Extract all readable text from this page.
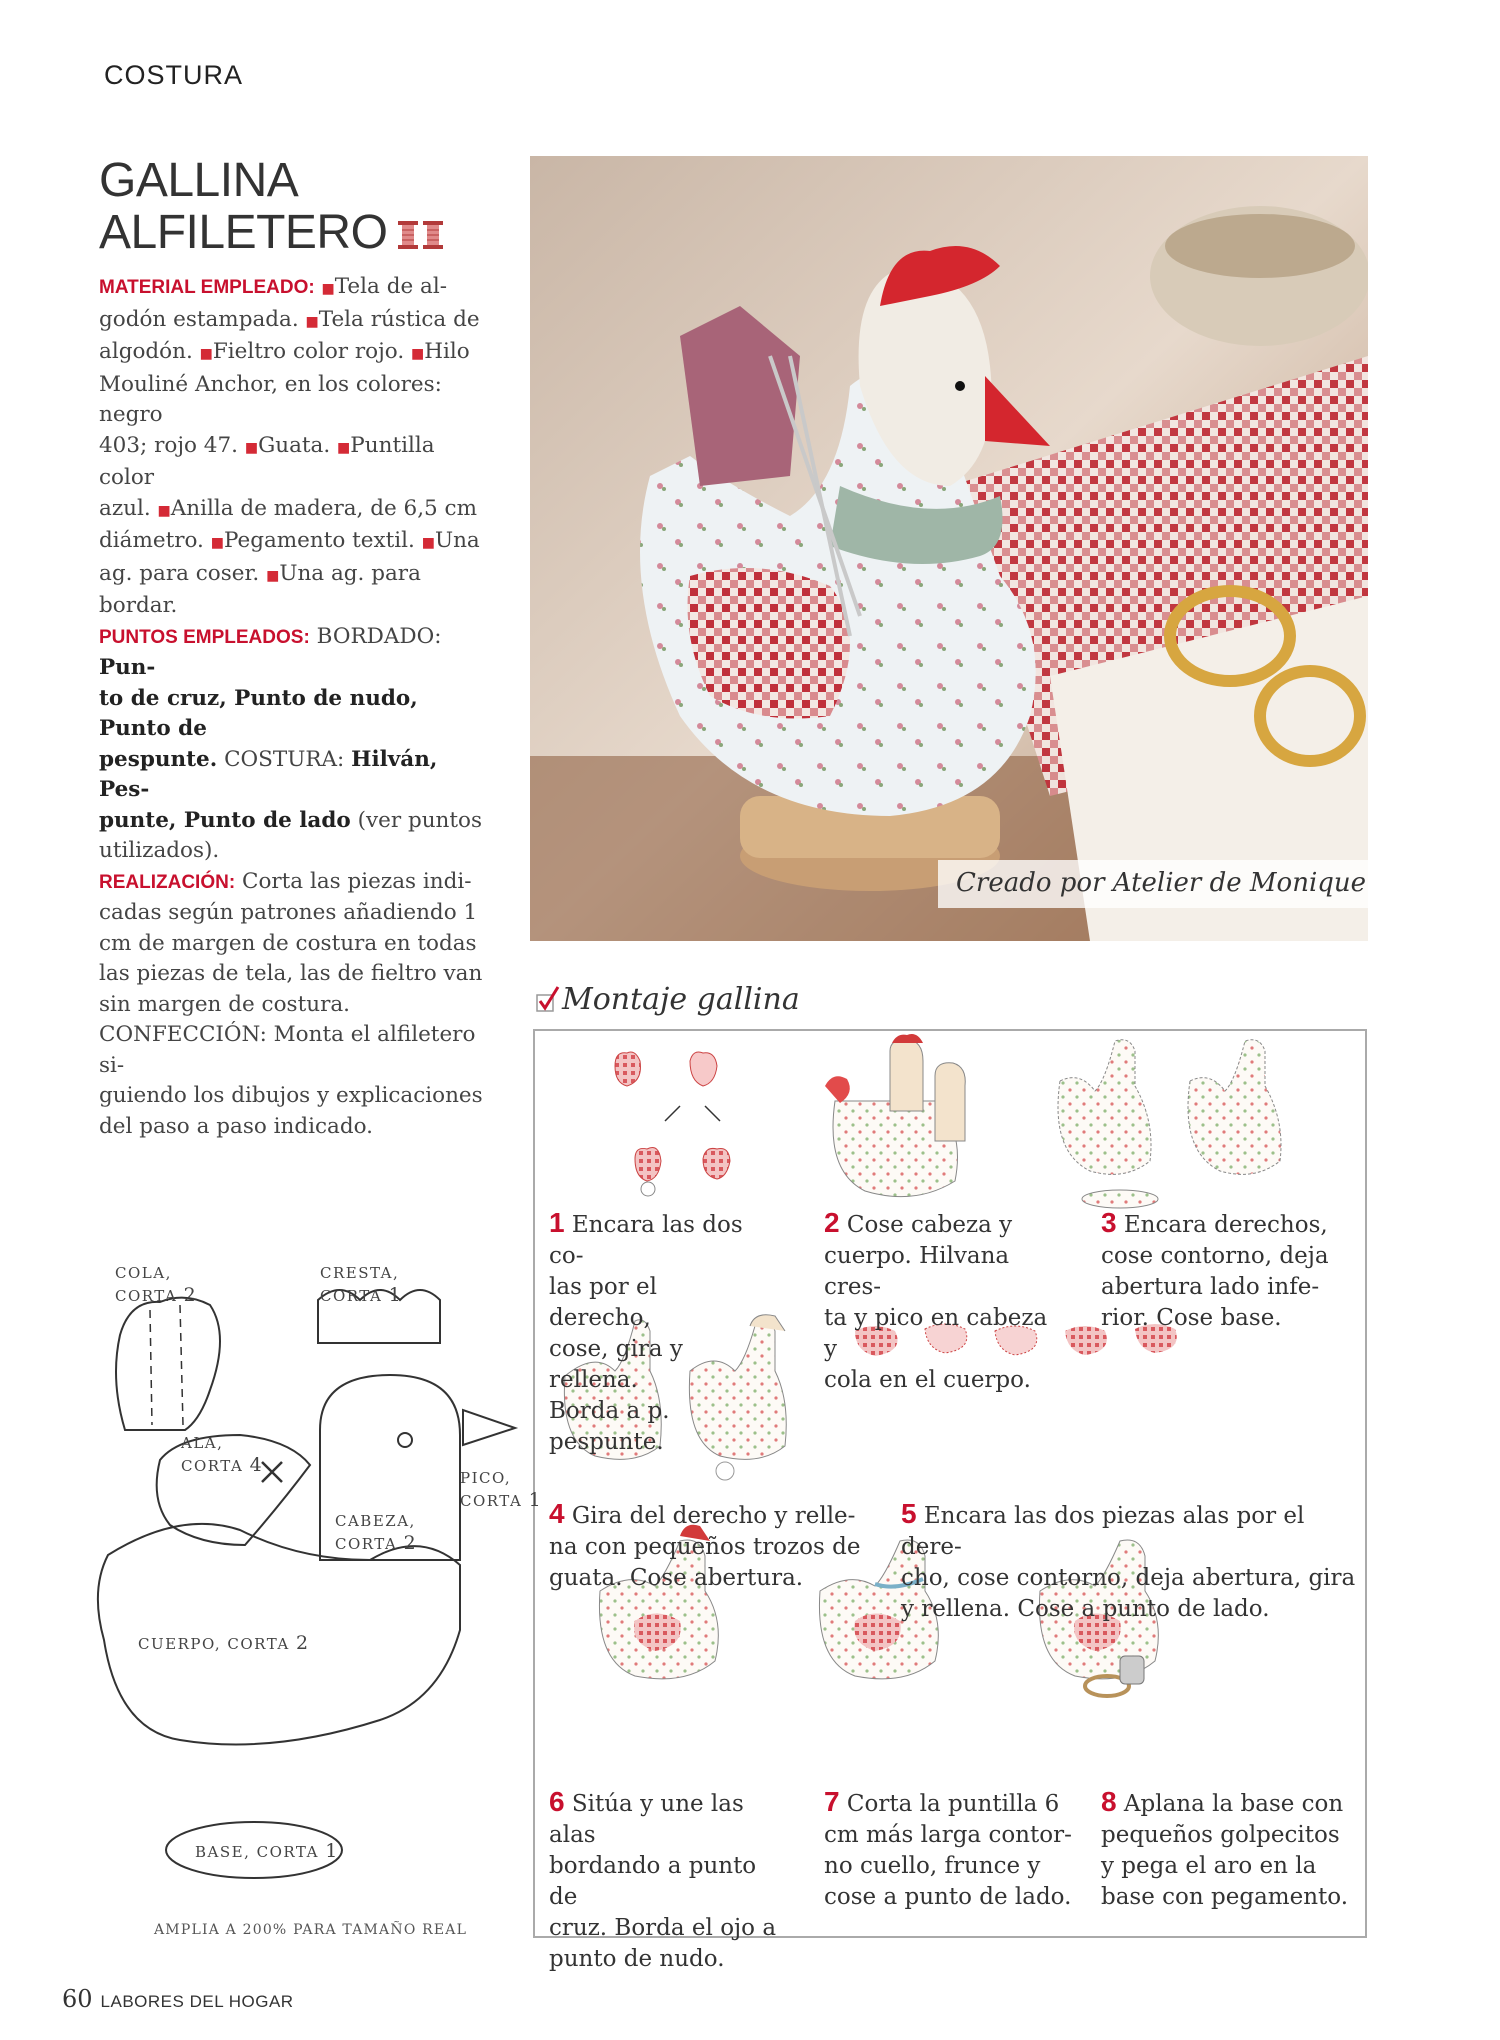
COSTURA
GALLINA
ALFILETERO
MATERIAL EMPLEADO: ■Tela de al-
godón estampada. ■Tela rústica de
algodón. ■Fieltro color rojo. ■Hilo
Mouliné Anchor, en los colores: negro
403; rojo 47. ■Guata. ■Puntilla color
azul. ■Anilla de madera, de 6,5 cm
diámetro. ■Pegamento textil. ■Una
ag. para coser. ■Una ag. para bordar.
PUNTOS EMPLEADOS: BORDADO: Pun-
to de cruz, Punto de nudo, Punto de
pespunte. COSTURA: Hilván, Pes-
punte, Punto de lado (ver puntos
utilizados).
REALIZACIÓN: Corta las piezas indi-
cadas según patrones añadiendo 1
cm de margen de costura en todas
las piezas de tela, las de fieltro van
sin margen de costura.
CONFECCIÓN: Monta el alfiletero si-
guiendo los dibujos y explicaciones
del paso a paso indicado.
Creado por Atelier de Monique
Montaje gallina
1 Encara las dos co-
las por el derecho,
cose, gira y rellena.
Borda a p. pespunte.
2 Cose cabeza y
cuerpo. Hilvana cres-
ta y pico en cabeza y
cola en el cuerpo.
3 Encara derechos,
cose contorno, deja
abertura lado infe-
rior. Cose base.
4 Gira del derecho y relle-
na con pequeños trozos de
guata. Cose abertura.
5 Encara las dos piezas alas por el dere-
cho, cose contorno, deja abertura, gira
y rellena. Cose a punto de lado.
6 Sitúa y une las alas
bordando a punto de
cruz. Borda el ojo a
punto de nudo.
7 Corta la puntilla 6
cm más larga contor-
no cuello, frunce y
cose a punto de lado.
8 Aplana la base con
pequeños golpecitos
y pega el aro en la
base con pegamento.
COLA,
CORTA 2
CRESTA,
CORTA 1
ALA,
CORTA 4
PICO,
CORTA 1
CABEZA,
CORTA 2
CUERPO, CORTA 2
BASE, CORTA 1
AMPLIA A 200% PARA TAMAÑO REAL
60 LABORES DEL HOGAR
